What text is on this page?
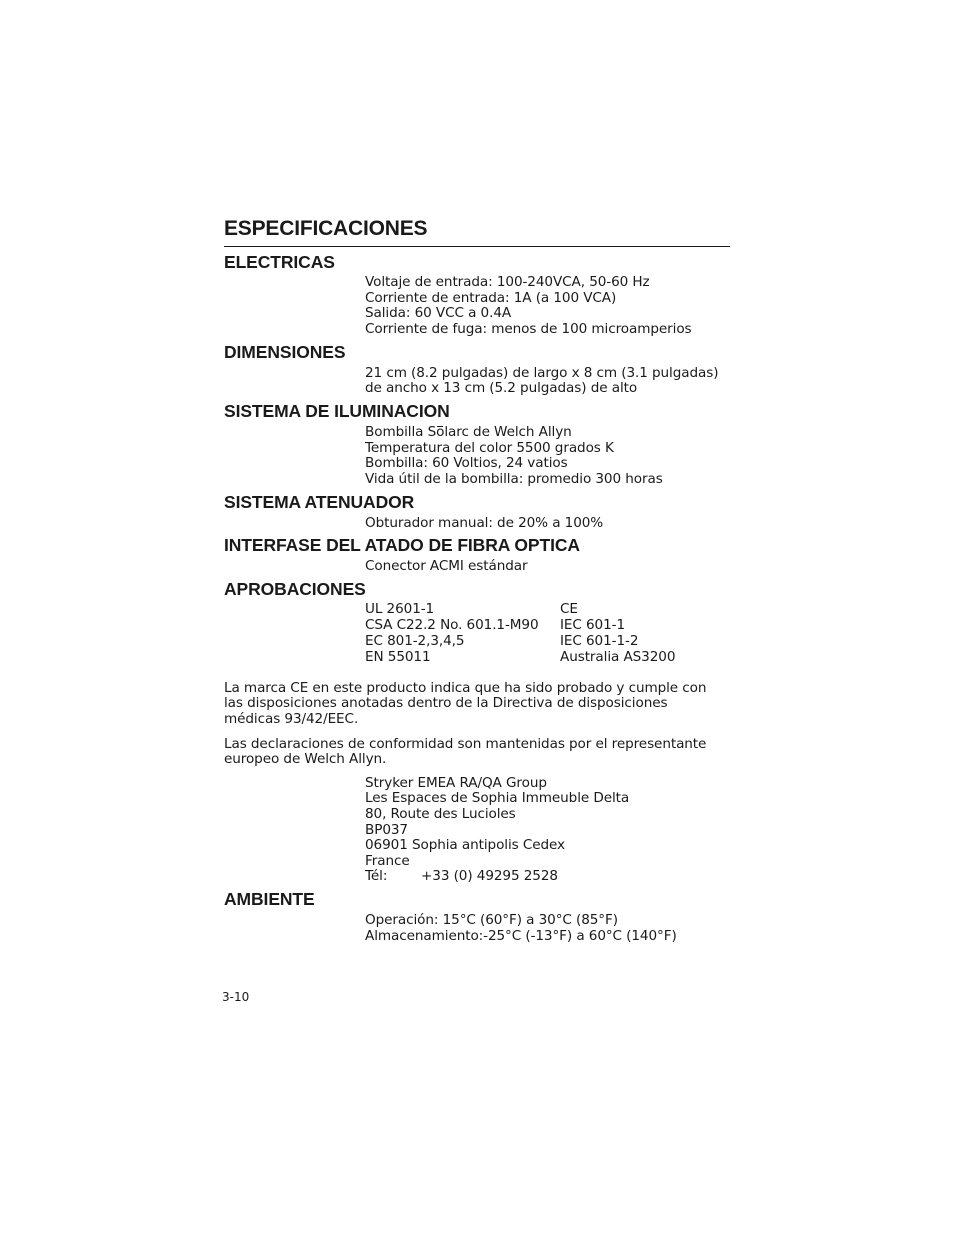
ESPECIFICACIONES
ELECTRICAS
Voltaje de entrada: 100-240VCA, 50-60 Hz
Corriente de entrada: 1A (a 100 VCA)
Salida: 60 VCC a 0.4A
Corriente de fuga: menos de 100 microamperios
DIMENSIONES
21 cm (8.2 pulgadas) de largo x 8 cm (3.1 pulgadas)
de ancho x 13 cm (5.2 pulgadas) de alto
SISTEMA DE ILUMINACION
Bombilla Solarc de Welch Allyn
Temperatura del color 5500 grados K
Bombilla: 60 Voltios, 24 vatios
Vida útil de la bombilla: promedio 300 horas
SISTEMA ATENUADOR
Obturador manual: de 20% a 100%
INTERFASE DEL ATADO DE FIBRA OPTICA
Conector ACMI estándar
APROBACIONES
UL 2601-1
CSA C22.2 No. 601.1-M90
EC 801-2,3,4,5
EN 55011
CE
IEC 601-1
IEC 601-1-2
Australia AS3200
La marca CE en este producto indica que ha sido probado y cumple con
las disposiciones anotadas dentro de la Directiva de disposiciones
médicas 93/42/EEC.
Las declaraciones de conformidad son mantenidas por el representante
europeo de Welch Allyn.
Stryker EMEA RA/QA Group
Les Espaces de Sophia Immeuble Delta
80, Route des Lucioles
BP037
06901 Sophia antipolis Cedex
France
Tél: +33 (0) 49295 2528
AMBIENTE
Operación: 15°C (60°F) a 30°C (85°F)
Almacenamiento:-25°C (-13°F) a 60°C (140°F)
3-10
